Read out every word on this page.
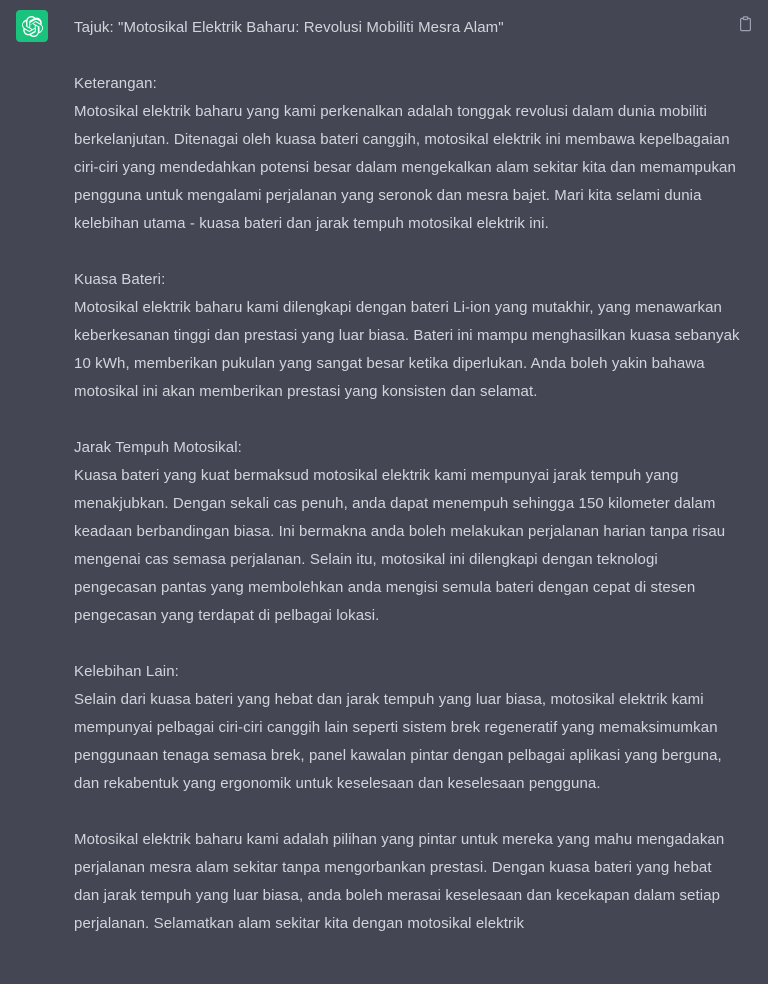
Tajuk: "Motosikal Elektrik Baharu: Revolusi Mobiliti Mesra Alam"
Keterangan:
Motosikal elektrik baharu yang kami perkenalkan adalah tonggak revolusi dalam dunia mobiliti berkelanjutan. Ditenagai oleh kuasa bateri canggih, motosikal elektrik ini membawa kepelbagaian ciri-ciri yang mendedahkan potensi besar dalam mengekalkan alam sekitar kita dan memampukan pengguna untuk mengalami perjalanan yang seronok dan mesra bajet. Mari kita selami dunia kelebihan utama - kuasa bateri dan jarak tempuh motosikal elektrik ini.
Kuasa Bateri:
Motosikal elektrik baharu kami dilengkapi dengan bateri Li-ion yang mutakhir, yang menawarkan keberkesanan tinggi dan prestasi yang luar biasa. Bateri ini mampu menghasilkan kuasa sebanyak 10 kWh, memberikan pukulan yang sangat besar ketika diperlukan. Anda boleh yakin bahawa motosikal ini akan memberikan prestasi yang konsisten dan selamat.
Jarak Tempuh Motosikal:
Kuasa bateri yang kuat bermaksud motosikal elektrik kami mempunyai jarak tempuh yang menakjubkan. Dengan sekali cas penuh, anda dapat menempuh sehingga 150 kilometer dalam keadaan berbandingan biasa. Ini bermakna anda boleh melakukan perjalanan harian tanpa risau mengenai cas semasa perjalanan. Selain itu, motosikal ini dilengkapi dengan teknologi pengecasan pantas yang membolehkan anda mengisi semula bateri dengan cepat di stesen pengecasan yang terdapat di pelbagai lokasi.
Kelebihan Lain:
Selain dari kuasa bateri yang hebat dan jarak tempuh yang luar biasa, motosikal elektrik kami mempunyai pelbagai ciri-ciri canggih lain seperti sistem brek regeneratif yang memaksimumkan penggunaan tenaga semasa brek, panel kawalan pintar dengan pelbagai aplikasi yang berguna, dan rekabentuk yang ergonomik untuk keselesaan dan keselesaan pengguna.
Motosikal elektrik baharu kami adalah pilihan yang pintar untuk mereka yang mahu mengadakan perjalanan mesra alam sekitar tanpa mengorbankan prestasi. Dengan kuasa bateri yang hebat dan jarak tempuh yang luar biasa, anda boleh merasai keselesaan dan kecekapan dalam setiap perjalanan. Selamatkan alam sekitar kita dengan motosikal elektrik
